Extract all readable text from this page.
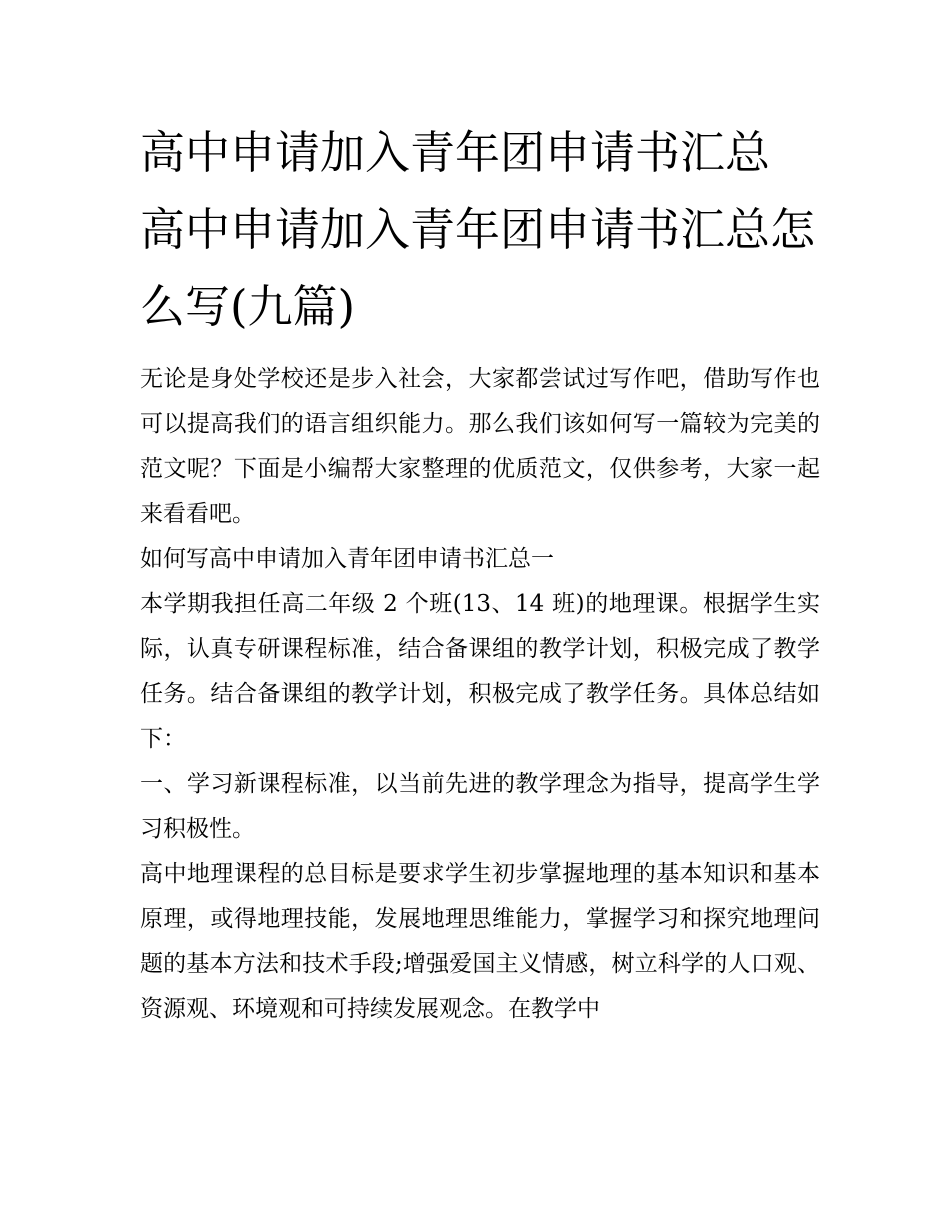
高中申请加入青年团申请书汇总 高中申请加入青年团申请书汇总怎么写(九篇)

无论是身处学校还是步入社会，大家都尝试过写作吧，借助写作也可以提高我们的语言组织能力。那么我们该如何写一篇较为完美的范文呢？下面是小编帮大家整理的优质范文，仅供参考，大家一起来看看吧。

如何写高中申请加入青年团申请书汇总一

本学期我担任高二年级 2 个班(13、14 班)的地理课。根据学生实际，认真专研课程标准，结合备课组的教学计划，积极完成了教学任务。结合备课组的教学计划，积极完成了教学任务。具体总结如下：

一、学习新课程标准，以当前先进的教学理念为指导，提高学生学习积极性。

高中地理课程的总目标是要求学生初步掌握地理的基本知识和基本原理，或得地理技能，发展地理思维能力，掌握学习和探究地理问题的基本方法和技术手段;增强爱国主义情感，树立科学的人口观、资源观、环境观和可持续发展观念。在教学中
